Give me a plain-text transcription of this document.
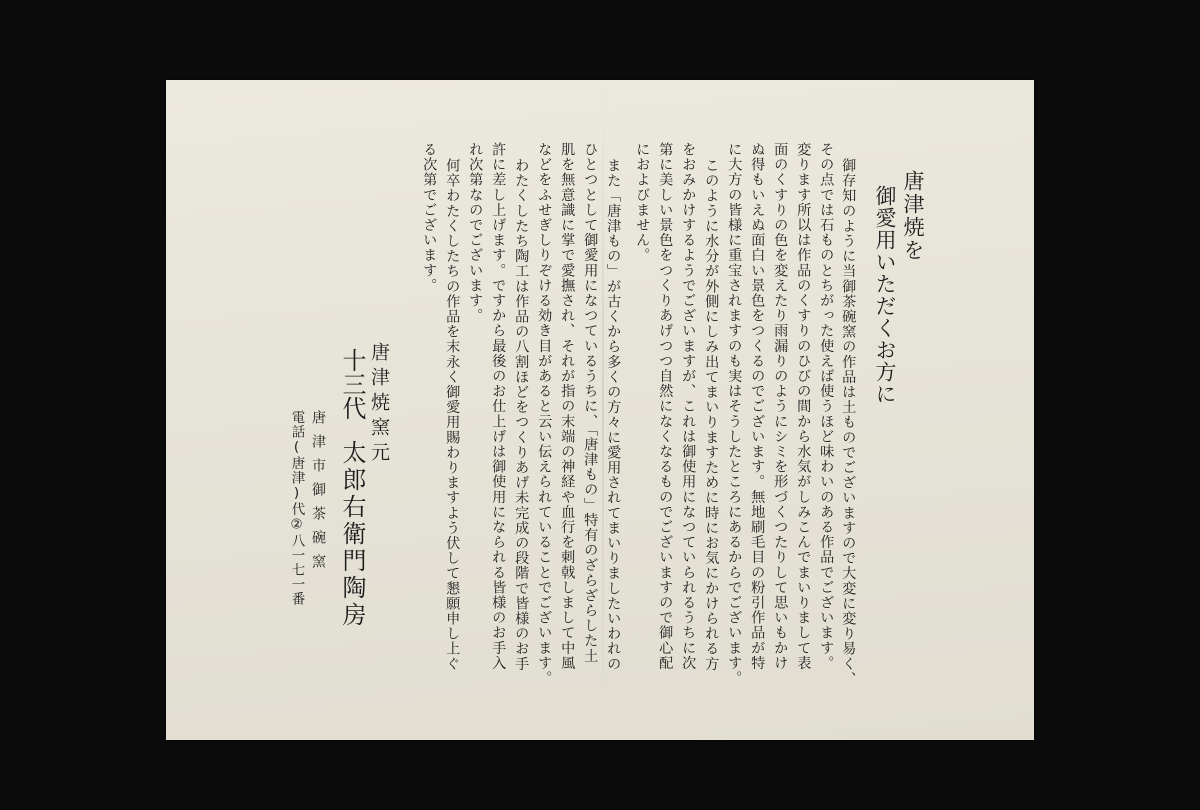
唐津焼を
御愛用いただくお方に
御存知のように当御茶碗窯の作品は土ものでございますので大変に変り易く、
その点では石ものとちがった使えば使うほど味わいのある作品でございます。
変ります所以は作品のくすりのひびの間から水気がしみこんでまいりまして表
面のくすりの色を変えたり雨漏りのようにシミを形づくつたりして思いもかけ
ぬ得もいえぬ面白い景色をつくるのでございます。無地刷毛目の粉引作品が特
に大方の皆様に重宝されますのも実はそうしたところにあるからでございます。
このように水分が外側にしみ出てまいりますために時にお気にかけられる方
をおみかけするようでございますが、これは御使用になつていられるうちに次
第に美しい景色をつくりあげつつ自然になくなるものでございますので御心配
におよびません。
また「唐津もの」が古くから多くの方々に愛用されてまいりましたいわれの
ひとつとして御愛用になつているうちに、「唐津もの」特有のざらざらした土
肌を無意識に掌で愛撫され、それが指の末端の神経や血行を刺戟しまして中風
などをふせぎしりぞける効き目があると云い伝えられていることでございます。
わたくしたち陶工は作品の八割ほどをつくりあげ未完成の段階で皆様のお手
許に差し上げます。ですから最後のお仕上げは御使用になられる皆様のお手入
れ次第なのでございます。
何卒わたくしたちの作品を末永く御愛用賜わりますよう伏して懇願申し上ぐ
る次第でございます。
唐津焼窯元
十三代
太郎右衛門陶房
唐津市御茶碗窯
電話(唐津)代②八一七一番
